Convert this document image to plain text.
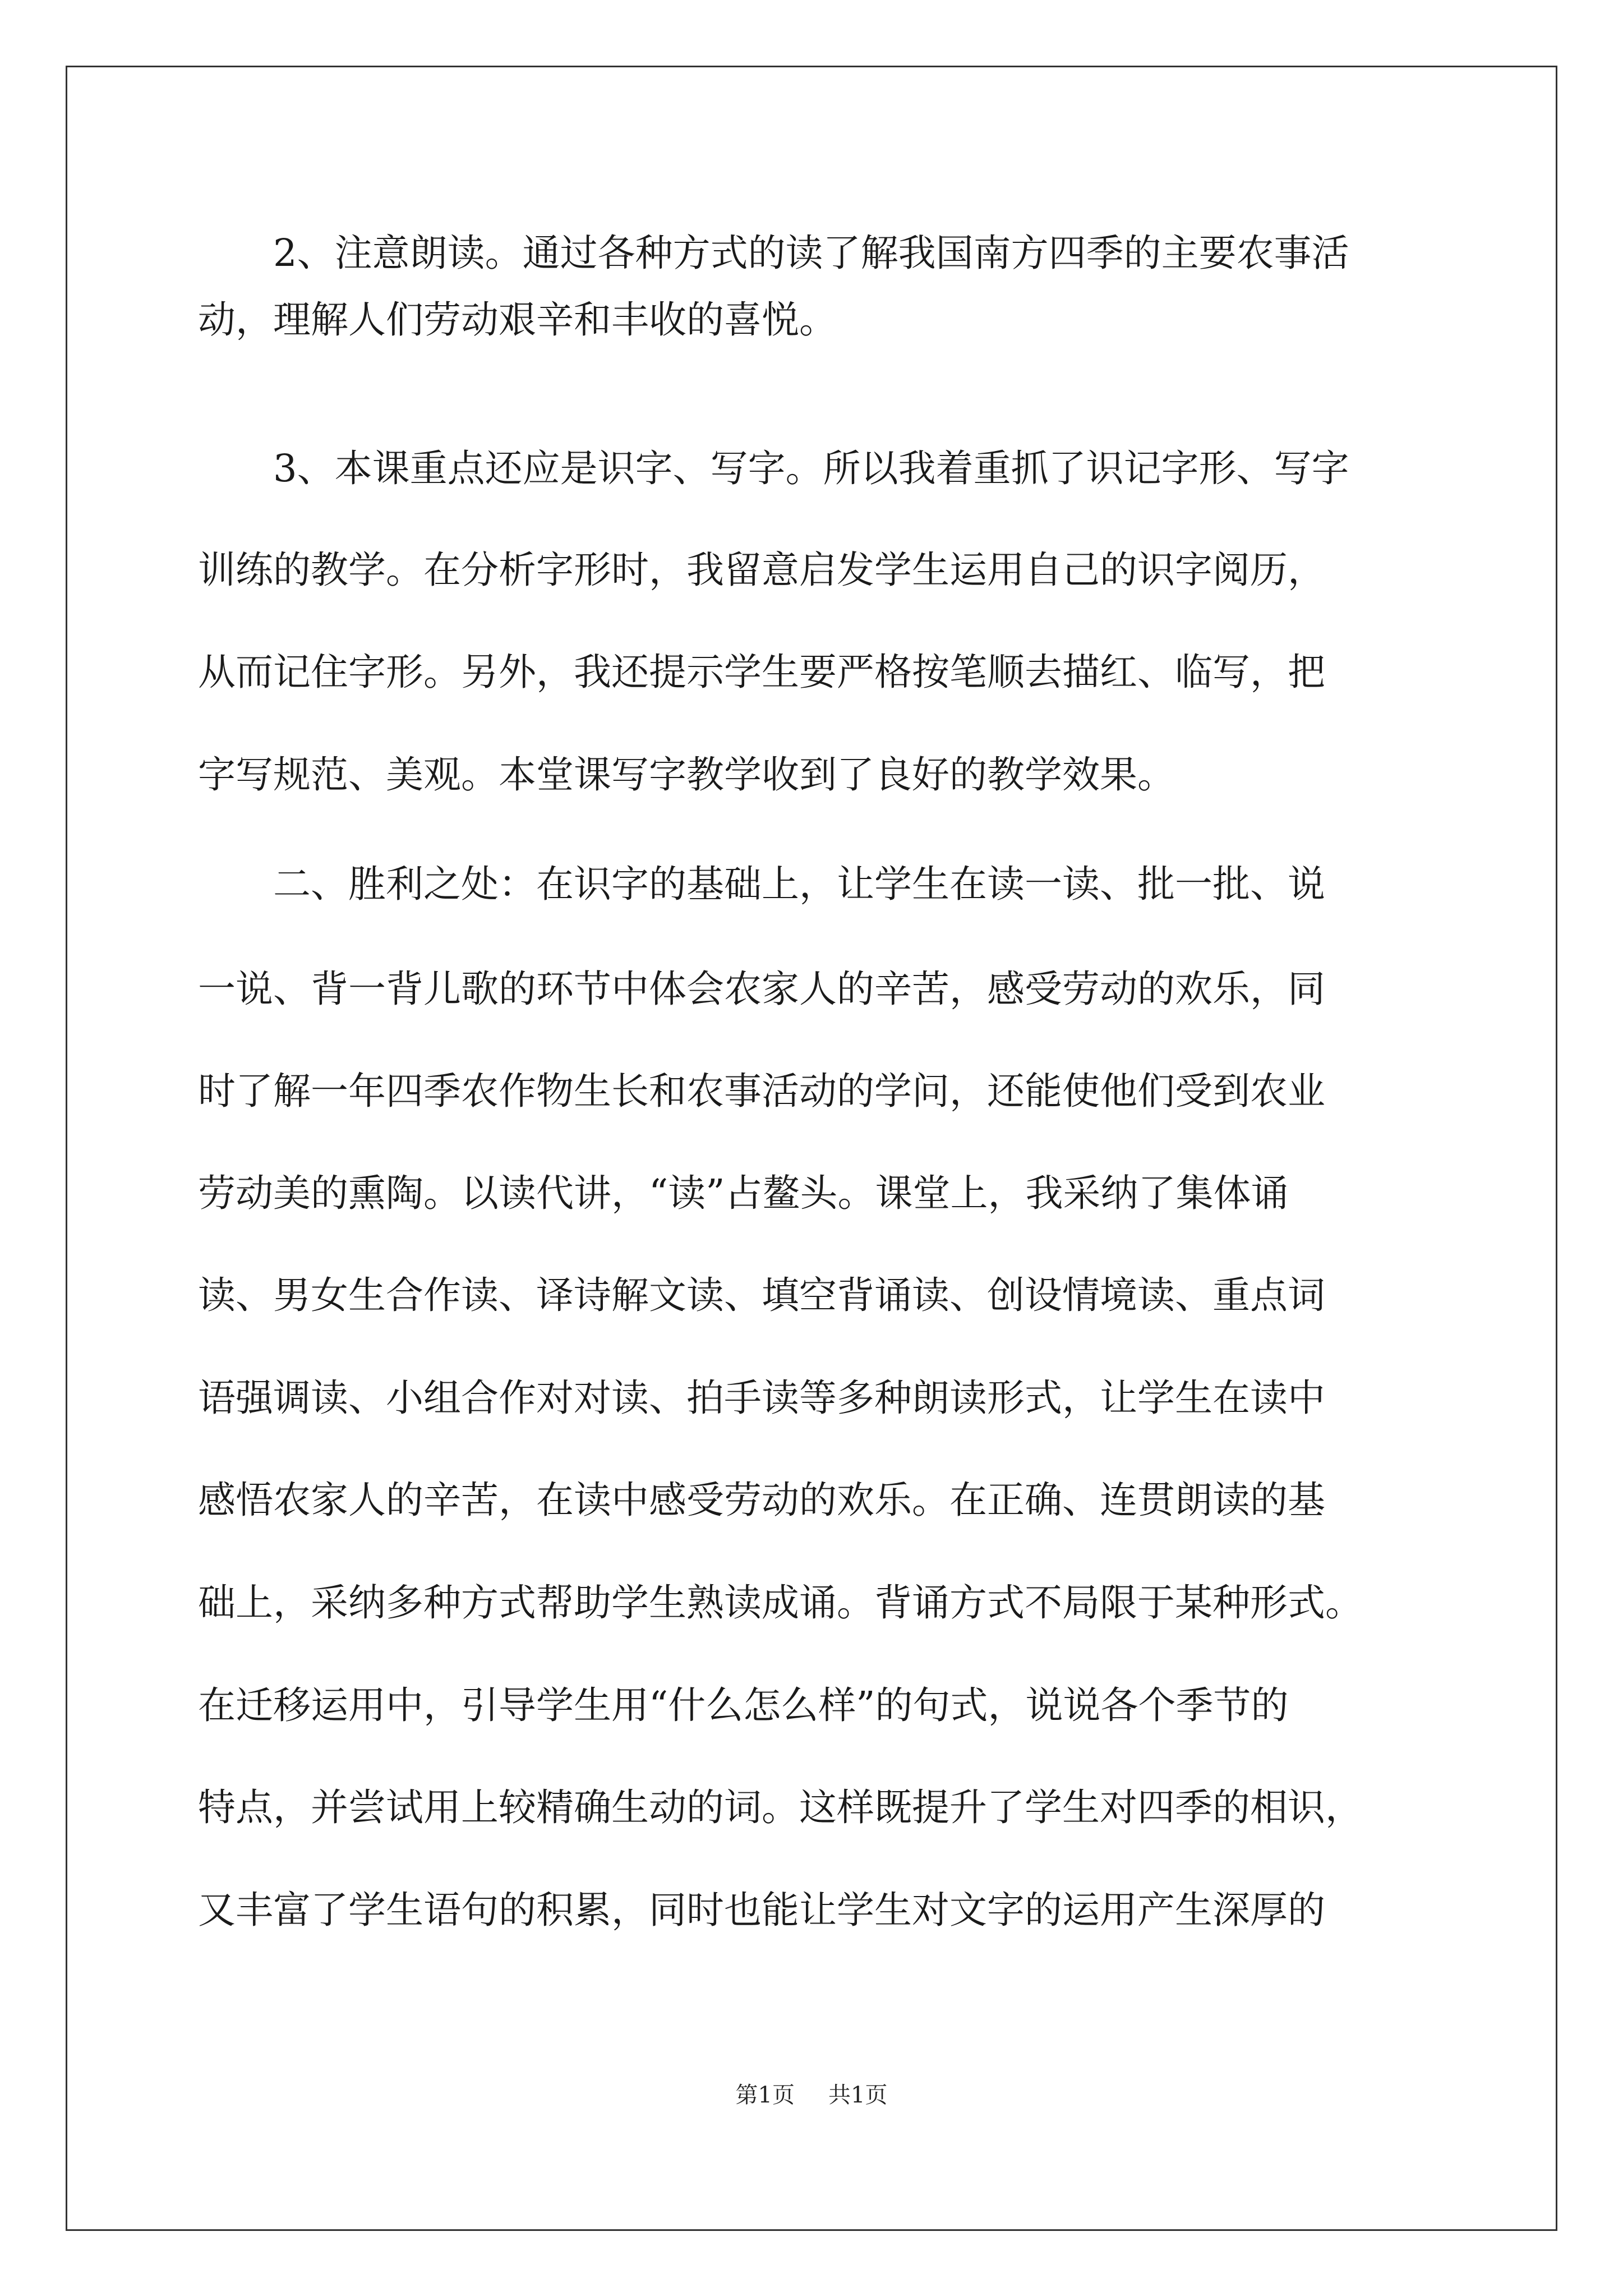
　　2、注意朗读。通过各种方式的读了解我国南方四季的主要农事活

动，理解人们劳动艰辛和丰收的喜悦。

　　3、本课重点还应是识字、写字。所以我着重抓了识记字形、写字

训练的教学。在分析字形时，我留意启发学生运用自己的识字阅历，

从而记住字形。另外，我还提示学生要严格按笔顺去描红、临写，把

字写规范、美观。本堂课写字教学收到了良好的教学效果。

　　二、胜利之处：在识字的基础上，让学生在读一读、批一批、说

一说、背一背儿歌的环节中体会农家人的辛苦，感受劳动的欢乐，同

时了解一年四季农作物生长和农事活动的学问，还能使他们受到农业

劳动美的熏陶。以读代讲，“读”占鳌头。课堂上，我采纳了集体诵

读、男女生合作读、译诗解文读、填空背诵读、创设情境读、重点词

语强调读、小组合作对对读、拍手读等多种朗读形式，让学生在读中

感悟农家人的辛苦，在读中感受劳动的欢乐。在正确、连贯朗读的基

础上，采纳多种方式帮助学生熟读成诵。背诵方式不局限于某种形式。

在迁移运用中，引导学生用“什么怎么样”的句式，说说各个季节的

特点，并尝试用上较精确生动的词。这样既提升了学生对四季的相识，

又丰富了学生语句的积累，同时也能让学生对文字的运用产生深厚的

第1页 共1页
